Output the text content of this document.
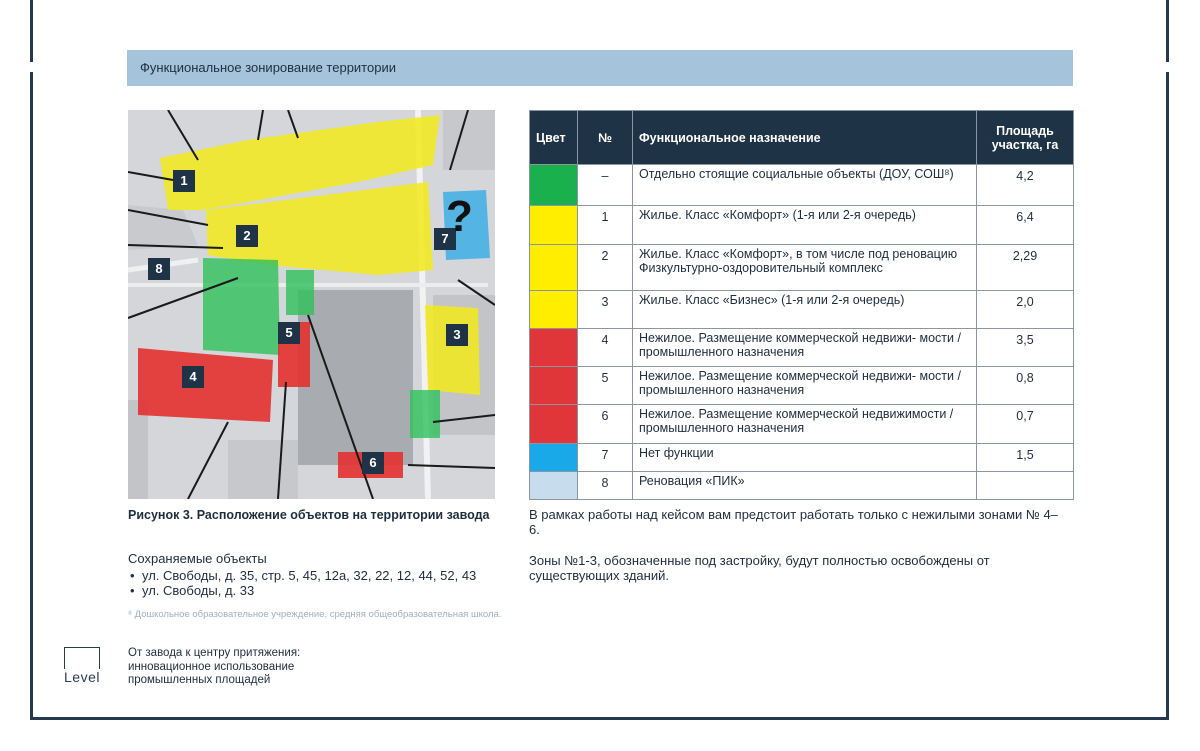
Функциональное зонирование территории
1
2
3
4
5
6
7
8
?
Рисунок 3. Расположение объектов на территории завода
Сохраняемые объекты
• ул. Свободы, д. 35, стр. 5, 45, 12а, 32, 22, 12, 44, 52, 43
• ул. Свободы, д. 33
⁸ Дошкольное образовательное учреждение, средняя общеобразовательная школа.
Level
От завода к центру притяжения: инновационное использование промышленных площадей
Цвет	№	Функциональное назначение	Площадь участка, га
	–	Отдельно стоящие социальные объекты (ДОУ, СОШ⁸)	4,2
	1	Жилье. Класс «Комфорт» (1-я или 2-я очередь)	6,4
	2	Жилье. Класс «Комфорт», в том числе под реновацию Физкультурно-оздоровительный комплекс	2,29
	3	Жилье. Класс «Бизнес» (1-я или 2-я очередь)	2,0
	4	Нежилое. Размещение коммерческой недвижи- мости / промышленного назначения	3,5
	5	Нежилое. Размещение коммерческой недвижи- мости / промышленного назначения	0,8
	6	Нежилое. Размещение коммерческой недвижимости / промышленного назначения	0,7
	7	Нет функции	1,5
	8	Реновация «ПИК»	
В рамках работы над кейсом вам предстоит работать только с нежилыми зонами № 4–6.
Зоны №1-3, обозначенные под застройку, будут полностью освобождены от существующих зданий.
